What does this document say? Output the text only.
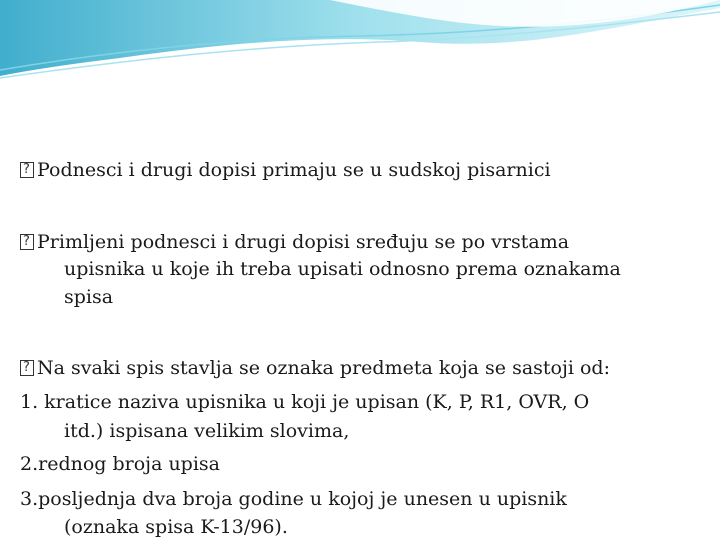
?Podnesci i drugi dopisi primaju se u sudskoj pisarnici
?Primljeni podnesci i drugi dopisi sređuju se po vrstama
upisnika u koje ih treba upisati odnosno prema oznakama
spisa
?Na svaki spis stavlja se oznaka predmeta koja se sastoji od:
1. kratice naziva upisnika u koji je upisan (K, P, R1, OVR, O
itd.) ispisana velikim slovima,
2.rednog broja upisa
3.posljednja dva broja godine u kojoj je unesen u upisnik
(oznaka spisa K-13/96).
